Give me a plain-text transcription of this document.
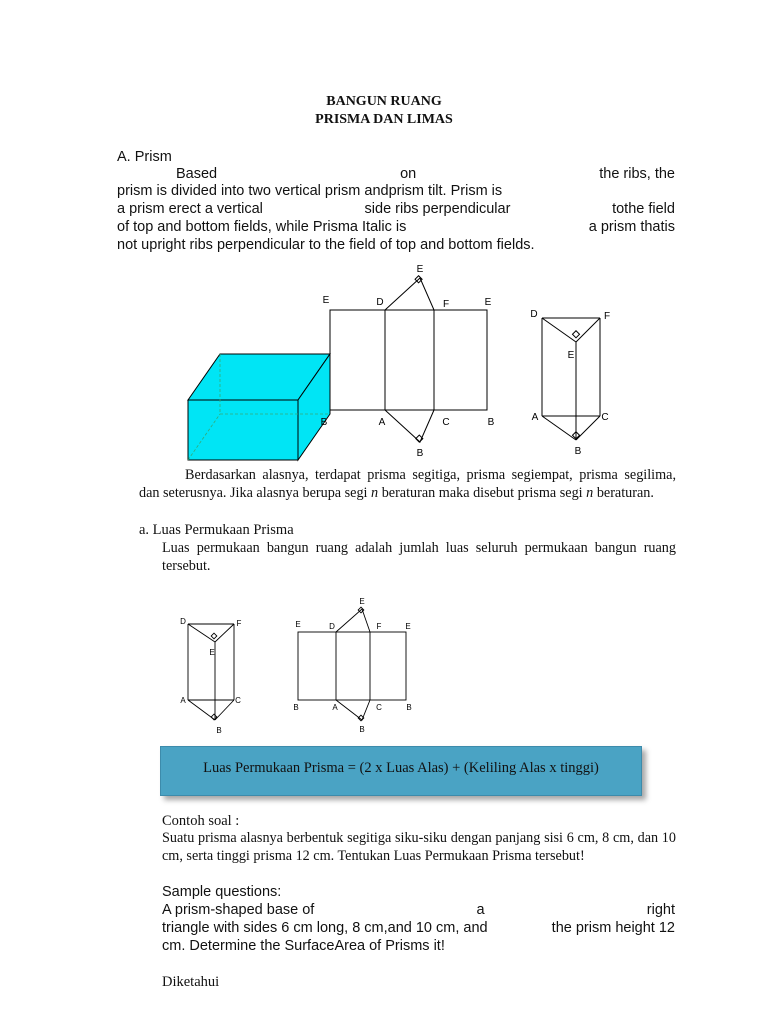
BANGUN RUANG
PRISMA DAN LIMAS
A. Prism
Based	on	the ribs, the
prism is divided into two vertical prism andprism tilt. Prism is
a prism erect a vertical	side ribs perpendicular	tothe field
of top and bottom fields, while Prisma Italic is	a prism thatis
not upright ribs perpendicular to the field of top and bottom fields.
E
E	D	F	E
B	A	C	B
B
D	F
E
A	C
B
Berdasarkan alasnya, terdapat prisma segitiga, prisma segiempat, prisma segilima, dan seterusnya. Jika alasnya berupa segi n beraturan maka disebut prisma segi n beraturan.
a. Luas Permukaan Prisma
Luas permukaan bangun ruang adalah jumlah luas seluruh permukaan bangun ruang tersebut.
D	F
E
A	C
B
E
E	D	F	E
B	A	C	B
B
Luas Permukaan Prisma = (2 x Luas Alas) + (Keliling Alas x tinggi)
Contoh soal :
Suatu prisma alasnya berbentuk segitiga siku-siku dengan panjang sisi 6 cm, 8 cm, dan 10 cm, serta tinggi prisma 12 cm. Tentukan Luas Permukaan Prisma tersebut!
Sample questions:
A prism-shaped base of	a	right
triangle with sides 6 cm long, 8 cm,and 10 cm, and	the prism height 12
cm. Determine the SurfaceArea of Prisms it!
Diketahui
